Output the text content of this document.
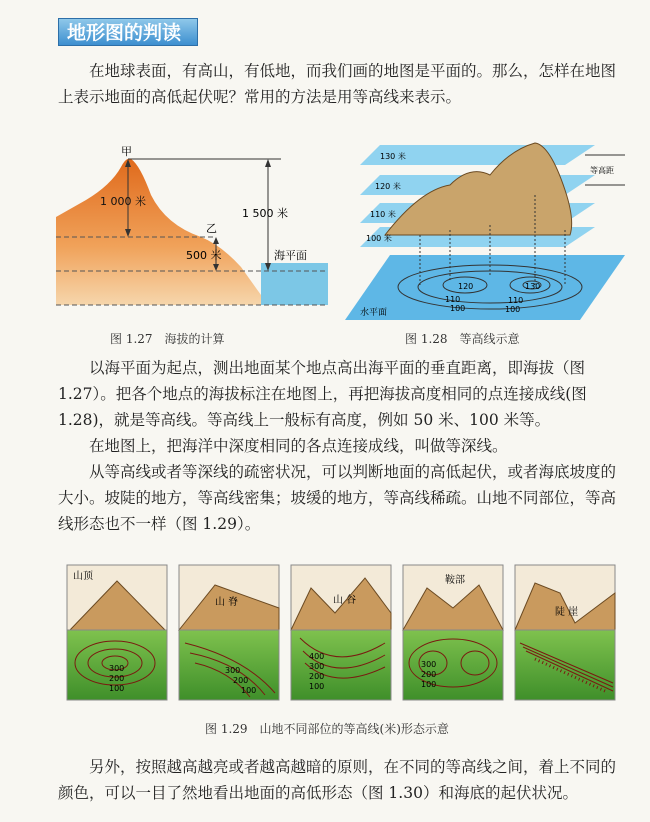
地形图的判读

在地球表面，有高山，有低地，而我们画的地图是平面的。那么，怎样在地图上表示地面的高低起伏呢？常用的方法是用等高线来表示。

甲
乙
1 000 米
1 500 米
500 米	海平面
图 1.27　海拔的计算
130 米
120 米
110 米
100 米
等高距
120	130
110
100
110
100
水平面
图 1.28　等高线示意

以海平面为起点，测出地面某个地点高出海平面的垂直距离，即海拔（图 1.27）。把各个地点的海拔标注在地图上，再把海拔高度相同的点连接成线(图 1.28)，就是等高线。等高线上一般标有高度，例如 50 米、100 米等。

在地图上，把海洋中深度相同的各点连接成线，叫做等深线。

从等高线或者等深线的疏密状况，可以判断地面的高低起伏，或者海底坡度的大小。坡陡的地方，等高线密集；坡缓的地方，等高线稀疏。山地不同部位，等高线形态也不一样（图 1.29）。

山顶
300
200
100
山 脊
300
200
100
山 谷
400
300
200
100
鞍部
300
200
100
陡 崖
图 1.29　山地不同部位的等高线(米)形态示意

另外，按照越高越亮或者越高越暗的原则，在不同的等高线之间，着上不同的颜色，可以一目了然地看出地面的高低形态（图 1.30）和海底的起伏状况。
